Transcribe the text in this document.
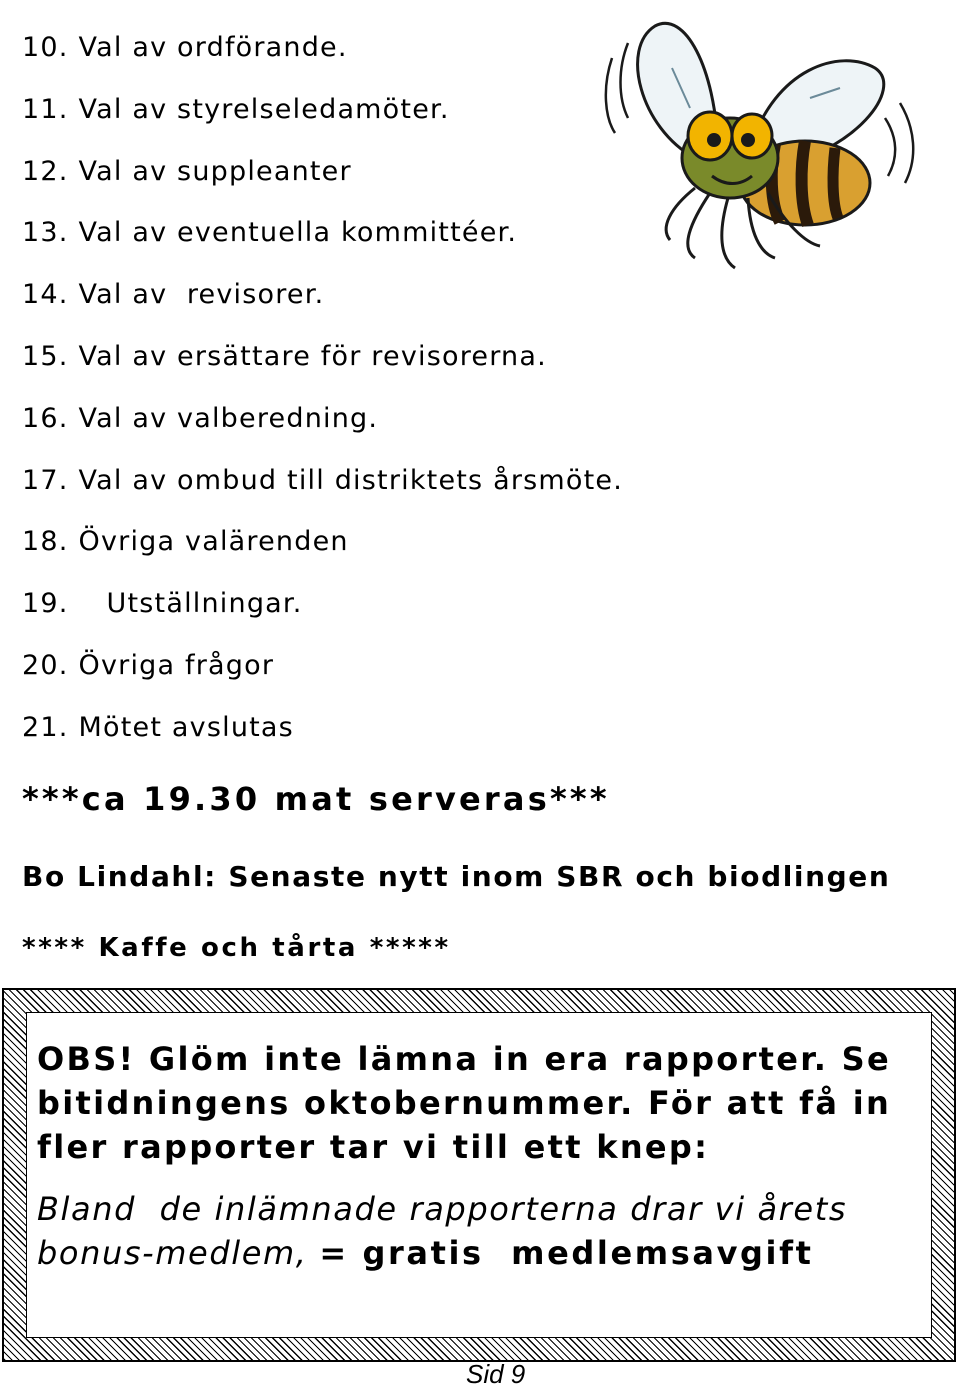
10. Val av ordförande.
11. Val av styrelseledamöter.
12. Val av suppleanter
13. Val av eventuella kommittéer.
14. Val av  revisorer.
15. Val av ersättare för revisorerna.
16. Val av valberedning.
17. Val av ombud till distriktets årsmöte.
18. Övriga valärenden
19. Utställningar.
20. Övriga frågor
21. Mötet avslutas
***ca 19.30 mat serveras***
Bo Lindahl: Senaste nytt inom SBR och biodlingen
**** Kaffe och tårta *****

OBS! Glöm inte lämna in era rapporter. Se

bitidningens oktobernummer. För att få in

fler rapporter tar vi till ett knep:

Bland  de inlämnade rapporterna drar vi årets
bonus-medlem, = gratis  medlemsavgift

Sid 9
